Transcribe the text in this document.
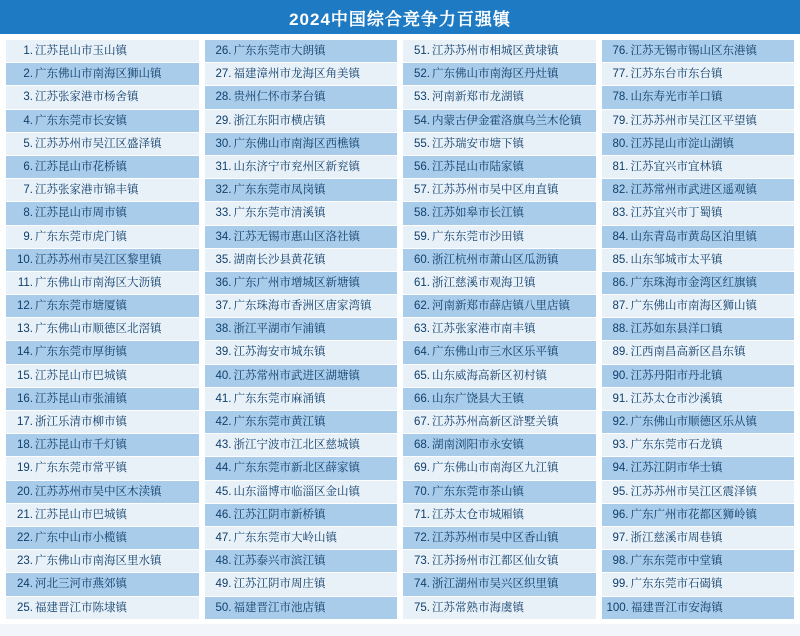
2024中国综合竞争力百强镇
1. 江苏昆山市玉山镇
2. 广东佛山市南海区狮山镇
3. 江苏张家港市杨舍镇
4. 广东东莞市长安镇
5. 江苏苏州市吴江区盛泽镇
6. 江苏昆山市花桥镇
7. 江苏张家港市锦丰镇
8. 江苏昆山市周市镇
9. 广东东莞市虎门镇
10. 江苏苏州市吴江区黎里镇
11. 广东佛山市南海区大沥镇
12. 广东东莞市塘厦镇
13. 广东佛山市顺德区北滘镇
14. 广东东莞市厚街镇
15. 江苏昆山市巴城镇
16. 江苏昆山市张浦镇
17. 浙江乐清市柳市镇
18. 江苏昆山市千灯镇
19. 广东东莞市常平镇
20. 江苏苏州市吴中区木渎镇
21. 江苏昆山市巴城镇
22. 广东中山市小榄镇
23. 广东佛山市南海区里水镇
24. 河北三河市燕郊镇
25. 福建晋江市陈埭镇
26. 广东东莞市大朗镇
27. 福建漳州市龙海区角美镇
28. 贵州仁怀市茅台镇
29. 浙江东阳市横店镇
30. 广东佛山市南海区西樵镇
31. 山东济宁市兖州区新兖镇
32. 广东东莞市凤岗镇
33. 广东东莞市清溪镇
34. 江苏无锡市惠山区洛社镇
35. 湖南长沙县黄花镇
36. 广东广州市增城区新塘镇
37. 广东珠海市香洲区唐家湾镇
38. 浙江平湖市乍浦镇
39. 江苏海安市城东镇
40. 江苏常州市武进区湖塘镇
41. 广东东莞市麻涌镇
42. 广东东莞市黄江镇
43. 浙江宁波市江北区慈城镇
44. 广东东莞市新北区薛家镇
45. 山东淄博市临淄区金山镇
46. 江苏江阴市新桥镇
47. 广东东莞市大岭山镇
48. 江苏泰兴市滨江镇
49. 江苏江阴市周庄镇
50. 福建晋江市池店镇
51. 江苏苏州市相城区黄埭镇
52. 广东佛山市南海区丹灶镇
53. 河南新郑市龙湖镇
54. 内蒙古伊金霍洛旗乌兰木伦镇
55. 江苏瑞安市塘下镇
56. 江苏昆山市陆家镇
57. 江苏苏州市吴中区甪直镇
58. 江苏如皋市长江镇
59. 广东东莞市沙田镇
60. 浙江杭州市萧山区瓜沥镇
61. 浙江慈溪市观海卫镇
62. 河南新郑市薛店镇八里店镇
63. 江苏张家港市南丰镇
64. 广东佛山市三水区乐平镇
65. 山东威海高新区初村镇
66. 山东广饶县大王镇
67. 江苏苏州高新区浒墅关镇
68. 湖南浏阳市永安镇
69. 广东佛山市南海区九江镇
70. 广东东莞市茶山镇
71. 江苏太仓市城厢镇
72. 江苏苏州市吴中区香山镇
73. 江苏扬州市江都区仙女镇
74. 浙江湖州市吴兴区织里镇
75. 江苏常熟市海虞镇
76. 江苏无锡市锡山区东港镇
77. 江苏东台市东台镇
78. 山东寿光市羊口镇
79. 江苏苏州市吴江区平望镇
80. 江苏昆山市淀山湖镇
81. 江苏宜兴市宜林镇
82. 江苏常州市武进区遥观镇
83. 江苏宜兴市丁蜀镇
84. 山东青岛市黄岛区泊里镇
85. 山东邹城市太平镇
86. 广东珠海市金湾区红旗镇
87. 广东佛山市南海区狮山镇
88. 江苏如东县洋口镇
89. 江西南昌高新区昌东镇
90. 江苏丹阳市丹北镇
91. 江苏太仓市沙溪镇
92. 广东佛山市顺德区乐从镇
93. 广东东莞市石龙镇
94. 江苏江阴市华士镇
95. 江苏苏州市吴江区震泽镇
96. 广东广州市花都区狮岭镇
97. 浙江慈溪市周巷镇
98. 广东东莞市中堂镇
99. 广东东莞市石碣镇
100. 福建晋江市安海镇
